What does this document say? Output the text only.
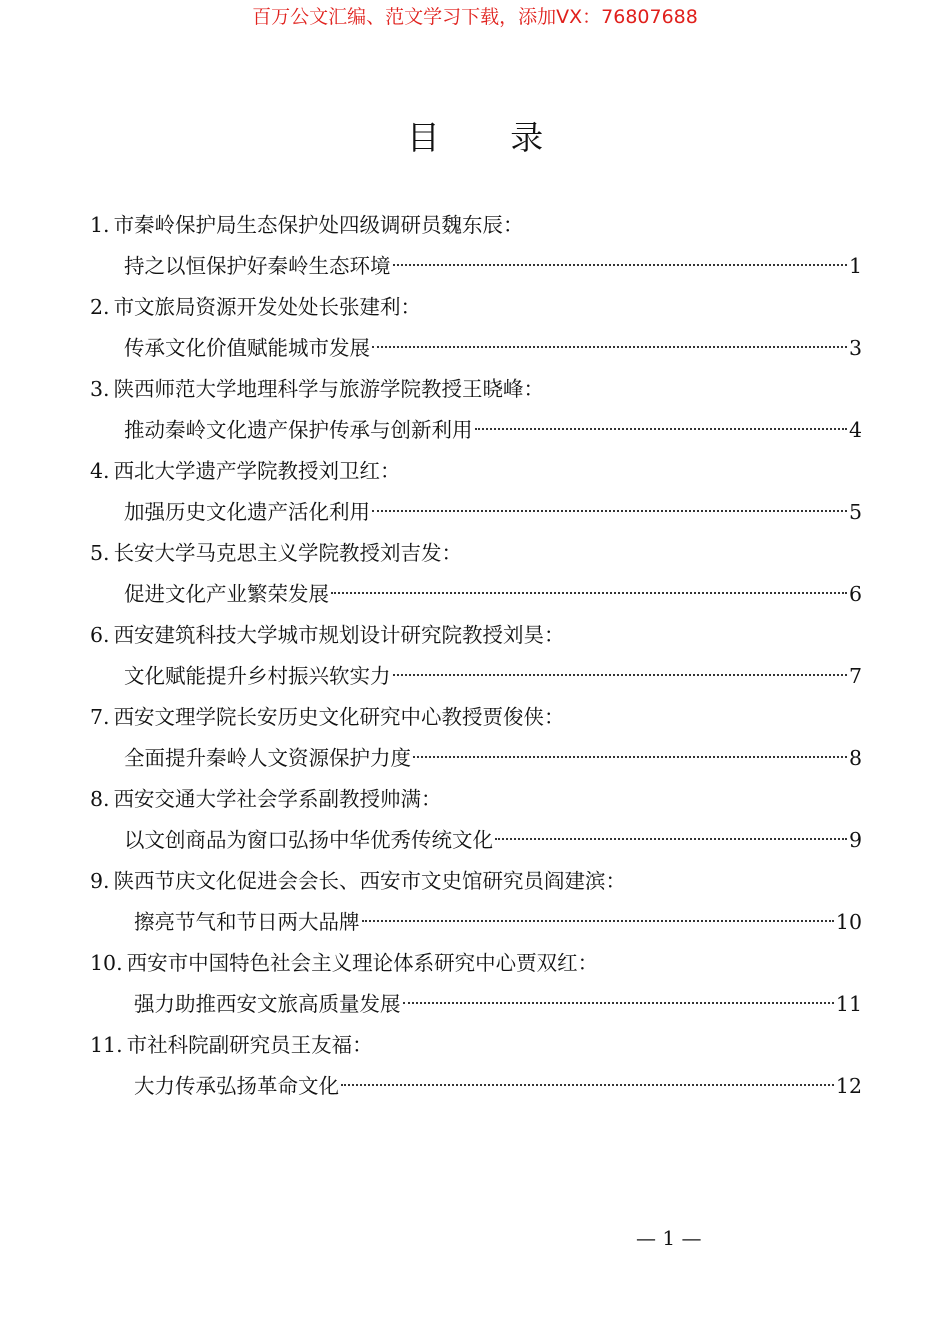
百万公文汇编、范文学习下载，添加VX：76807688
目 录
1. 市秦岭保护局生态保护处四级调研员魏东辰：
持之以恒保护好秦岭生态环境	1
2. 市文旅局资源开发处处长张建利：
传承文化价值赋能城市发展	3
3. 陕西师范大学地理科学与旅游学院教授王晓峰：
推动秦岭文化遗产保护传承与创新利用	4
4. 西北大学遗产学院教授刘卫红：
加强历史文化遗产活化利用	5
5. 长安大学马克思主义学院教授刘吉发：
促进文化产业繁荣发展	6
6. 西安建筑科技大学城市规划设计研究院教授刘昊：
文化赋能提升乡村振兴软实力	7
7. 西安文理学院长安历史文化研究中心教授贾俊侠：
全面提升秦岭人文资源保护力度	8
8. 西安交通大学社会学系副教授帅满：
以文创商品为窗口弘扬中华优秀传统文化	9
9. 陕西节庆文化促进会会长、西安市文史馆研究员阎建滨：
擦亮节气和节日两大品牌	10
10. 西安市中国特色社会主义理论体系研究中心贾双红：
强力助推西安文旅高质量发展	11
11. 市社科院副研究员王友福：
大力传承弘扬革命文化	12
— 1 —
